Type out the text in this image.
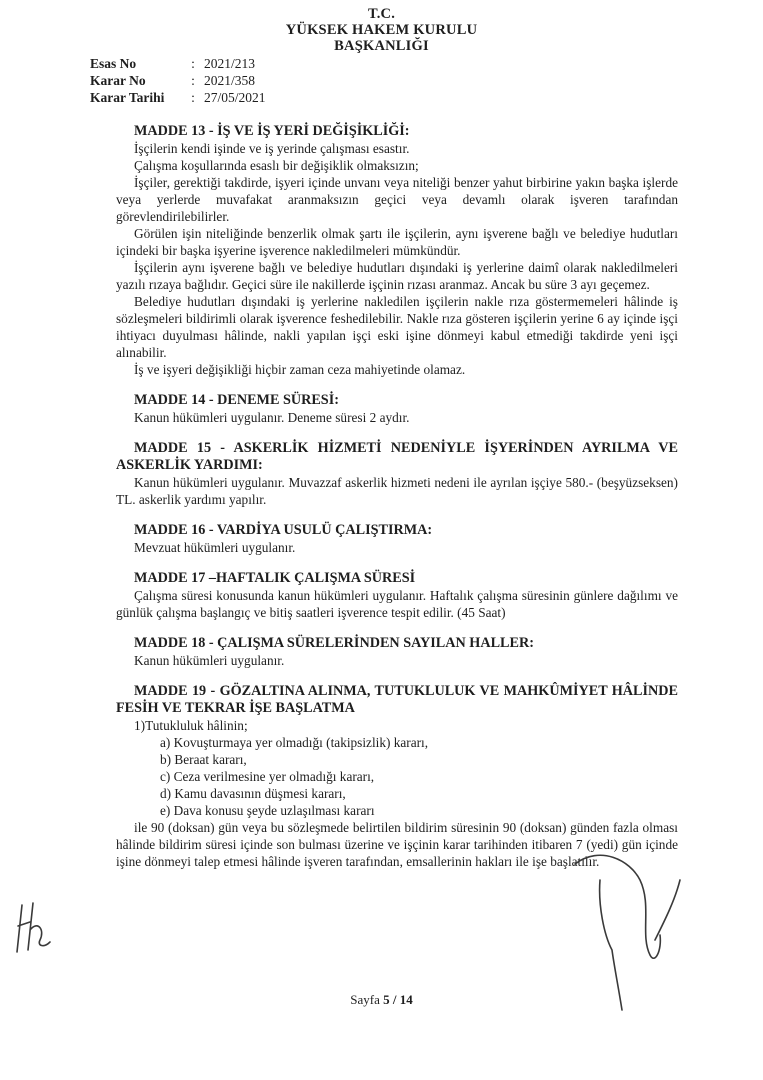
T.C.
YÜKSEK HAKEM KURULU
BAŞKANLIĞI
Esas No	: 2021/213
Karar No	: 2021/358
Karar Tarihi : 27/05/2021
MADDE 13 - İŞ VE İŞ YERİ DEĞİŞİKLİĞİ:
İşçilerin kendi işinde ve iş yerinde çalışması esastır.
Çalışma koşullarında esaslı bir değişiklik olmaksızın;
İşçiler, gerektiği takdirde, işyeri içinde unvanı veya niteliği benzer yahut birbirine yakın başka işlerde veya yerlerde muvafakat aranmaksızın geçici veya devamlı olarak işveren tarafından görevlendirilebilirler.
Görülen işin niteliğinde benzerlik olmak şartı ile işçilerin, aynı işverene bağlı ve belediye hudutları içindeki bir başka işyerine işverence nakledilmeleri mümkündür.
İşçilerin aynı işverene bağlı ve belediye hudutları dışındaki iş yerlerine daimî olarak nakledilmeleri yazılı rızaya bağlıdır. Geçici süre ile nakillerde işçinin rızası aranmaz. Ancak bu süre 3 ayı geçemez.
Belediye hudutları dışındaki iş yerlerine nakledilen işçilerin nakle rıza göstermemeleri hâlinde iş sözleşmeleri bildirimli olarak işverence feshedilebilir. Nakle rıza gösteren işçilerin yerine 6 ay içinde işçi ihtiyacı duyulması hâlinde, nakli yapılan işçi eski işine dönmeyi kabul etmediği takdirde yeni işçi alınabilir.
İş ve işyeri değişikliği hiçbir zaman ceza mahiyetinde olamaz.
MADDE 14 - DENEME SÜRESİ:
Kanun hükümleri uygulanır. Deneme süresi 2 aydır.
MADDE 15 - ASKERLİK HİZMETİ NEDENİYLE İŞYERİNDEN AYRILMA VE ASKERLİK YARDIMI:
Kanun hükümleri uygulanır. Muvazzaf askerlik hizmeti nedeni ile ayrılan işçiye 580.- (beşyüzseksen) TL. askerlik yardımı yapılır.
MADDE 16 - VARDİYA USULÜ ÇALIŞTIRMA:
Mevzuat hükümleri uygulanır.
MADDE 17 –HAFTALIK ÇALIŞMA SÜRESİ
Çalışma süresi konusunda kanun hükümleri uygulanır. Haftalık çalışma süresinin günlere dağılımı ve günlük çalışma başlangıç ve bitiş saatleri işverence tespit edilir. (45 Saat)
MADDE 18 - ÇALIŞMA SÜRELERİNDEN SAYILAN HALLER:
Kanun hükümleri uygulanır.
MADDE 19 - GÖZALTINA ALINMA, TUTUKLULUK VE MAHKÛMİYET HÂLİNDE FESİH VE TEKRAR İŞE BAŞLATMA
1)Tutukluluk hâlinin;
a) Kovuşturmaya yer olmadığı (takipsizlik) kararı,
b) Beraat kararı,
c) Ceza verilmesine yer olmadığı kararı,
d) Kamu davasının düşmesi kararı,
e) Dava konusu şeyde uzlaşılması kararı
ile 90 (doksan) gün veya bu sözleşmede belirtilen bildirim süresinin 90 (doksan) günden fazla olması hâlinde bildirim süresi içinde son bulması üzerine ve işçinin karar tarihinden itibaren 7 (yedi) gün içinde işine dönmeyi talep etmesi hâlinde işveren tarafından, emsallerinin hakları ile işe başlatılır.
Sayfa 5 / 14
